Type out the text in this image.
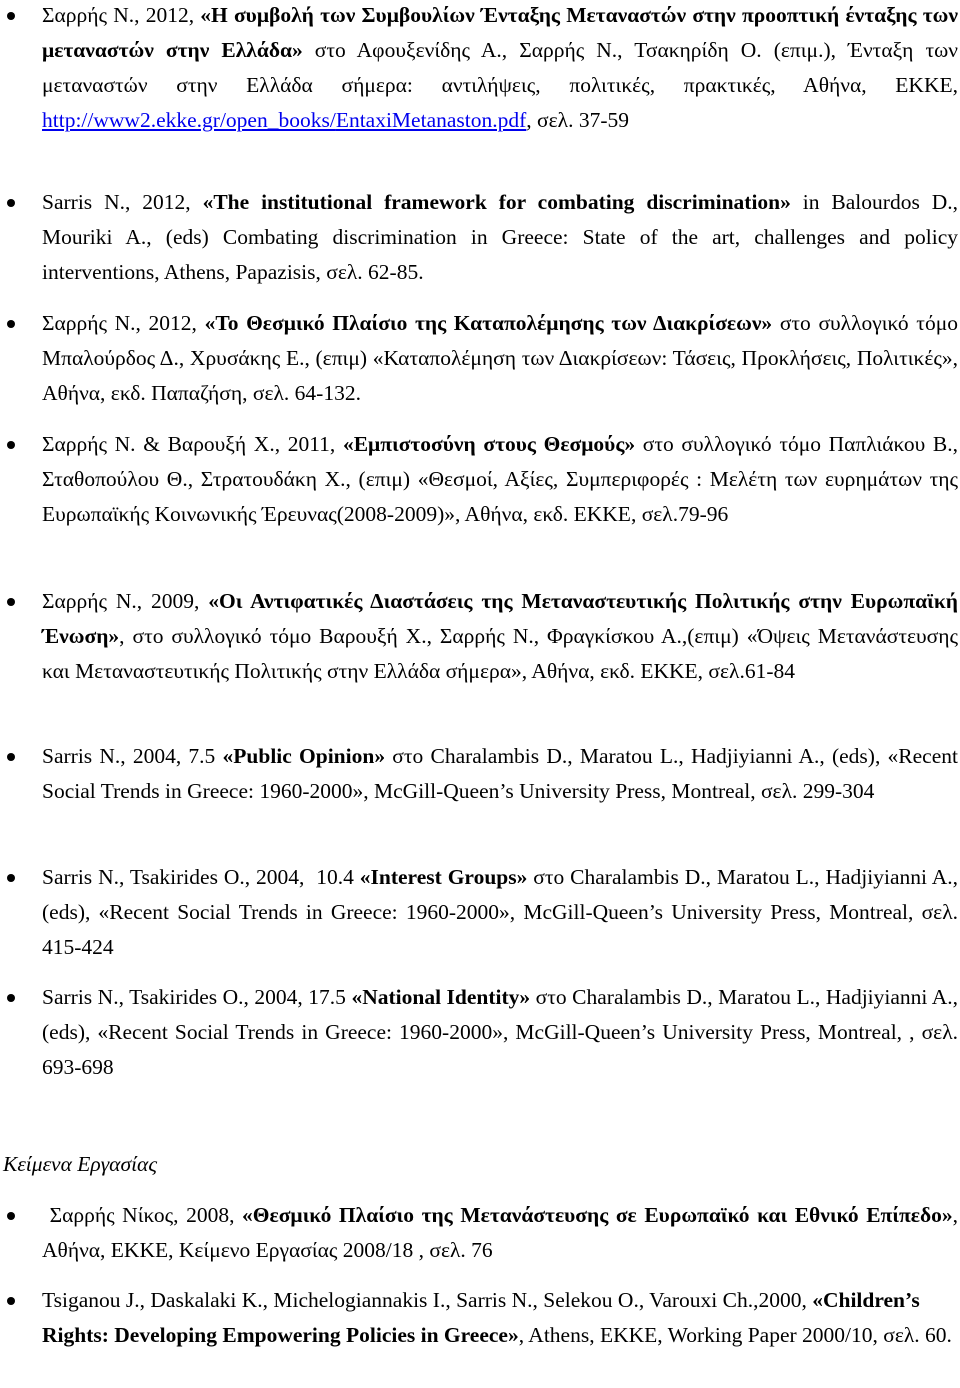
Σαρρής Ν., 2012, «Η συμβολή των Συμβουλίων Ένταξης Μεταναστών στην προοπτική ένταξης των μεταναστών στην Ελλάδα» στο Αφουξενίδης Α., Σαρρής Ν., Τσακηρίδη Ο. (επιμ.), Ένταξη των μεταναστών στην Ελλάδα σήμερα: αντιλήψεις, πολιτικές, πρακτικές, Αθήνα, ΕΚΚΕ, http://www2.ekke.gr/open_books/EntaxiMetanaston.pdf, σελ. 37-59
Sarris N., 2012, «The institutional framework for combating discrimination» in Balourdos D., Mouriki A., (eds) Combating discrimination in Greece: State of the art, challenges and policy interventions, Athens, Papazisis, σελ. 62-85.
Σαρρής Ν., 2012, «Το Θεσμικό Πλαίσιο της Καταπολέμησης των Διακρίσεων» στο συλλογικό τόμο Μπαλούρδος Δ., Χρυσάκης Ε., (επιμ) «Καταπολέμηση των Διακρίσεων: Τάσεις, Προκλήσεις, Πολιτικές», Αθήνα, εκδ. Παπαζήση, σελ. 64-132.
Σαρρής Ν. & Βαρουξή Χ., 2011, «Εμπιστοσύνη στους Θεσμούς» στο συλλογικό τόμο Παπλιάκου Β., Σταθοπούλου Θ., Στρατουδάκη Χ., (επιμ) «Θεσμοί, Αξίες, Συμπεριφορές : Μελέτη των ευρημάτων της Ευρωπαϊκής Κοινωνικής Έρευνας(2008-2009)», Αθήνα, εκδ. ΕΚΚΕ, σελ.79-96
Σαρρής Ν., 2009, «Οι Αντιφατικές Διαστάσεις της Μεταναστευτικής Πολιτικής στην Ευρωπαϊκή Ένωση», στο συλλογικό τόμο Βαρουξή Χ., Σαρρής Ν., Φραγκίσκου Α.,(επιμ) «Όψεις Μετανάστευσης και Μεταναστευτικής Πολιτικής στην Ελλάδα σήμερα», Αθήνα, εκδ. ΕΚΚΕ, σελ.61-84
Sarris N., 2004, 7.5 «Public Opinion» στο Charalambis D., Maratou L., Hadjiyianni A., (eds), «Recent Social Trends in Greece: 1960-2000», McGill-Queen’s University Press, Montreal, σελ. 299-304
Sarris N., Tsakirides O., 2004,  10.4 «Interest Groups» στο Charalambis D., Maratou L., Hadjiyianni A., (eds), «Recent Social Trends in Greece: 1960-2000», McGill-Queen’s University Press, Montreal, σελ. 415-424
Sarris N., Tsakirides O., 2004, 17.5 «National Identity» στο Charalambis D., Maratou L., Hadjiyianni A., (eds), «Recent Social Trends in Greece: 1960-2000», McGill-Queen’s University Press, Montreal, , σελ. 693-698
Κείμενα Εργασίας
Σαρρής Νίκος, 2008, «Θεσμικό Πλαίσιο της Μετανάστευσης σε Ευρωπαϊκό και Εθνικό Επίπεδο», Αθήνα, ΕΚΚΕ, Κείμενο Εργασίας 2008/18 , σελ. 76
Tsiganou J., Daskalaki K., Michelogiannakis I., Sarris N., Selekou O., Varouxi Ch.,2000, «Children’s Rights: Developing Empowering Policies in Greece», Athens, EKKE, Working Paper 2000/10, σελ. 60.
